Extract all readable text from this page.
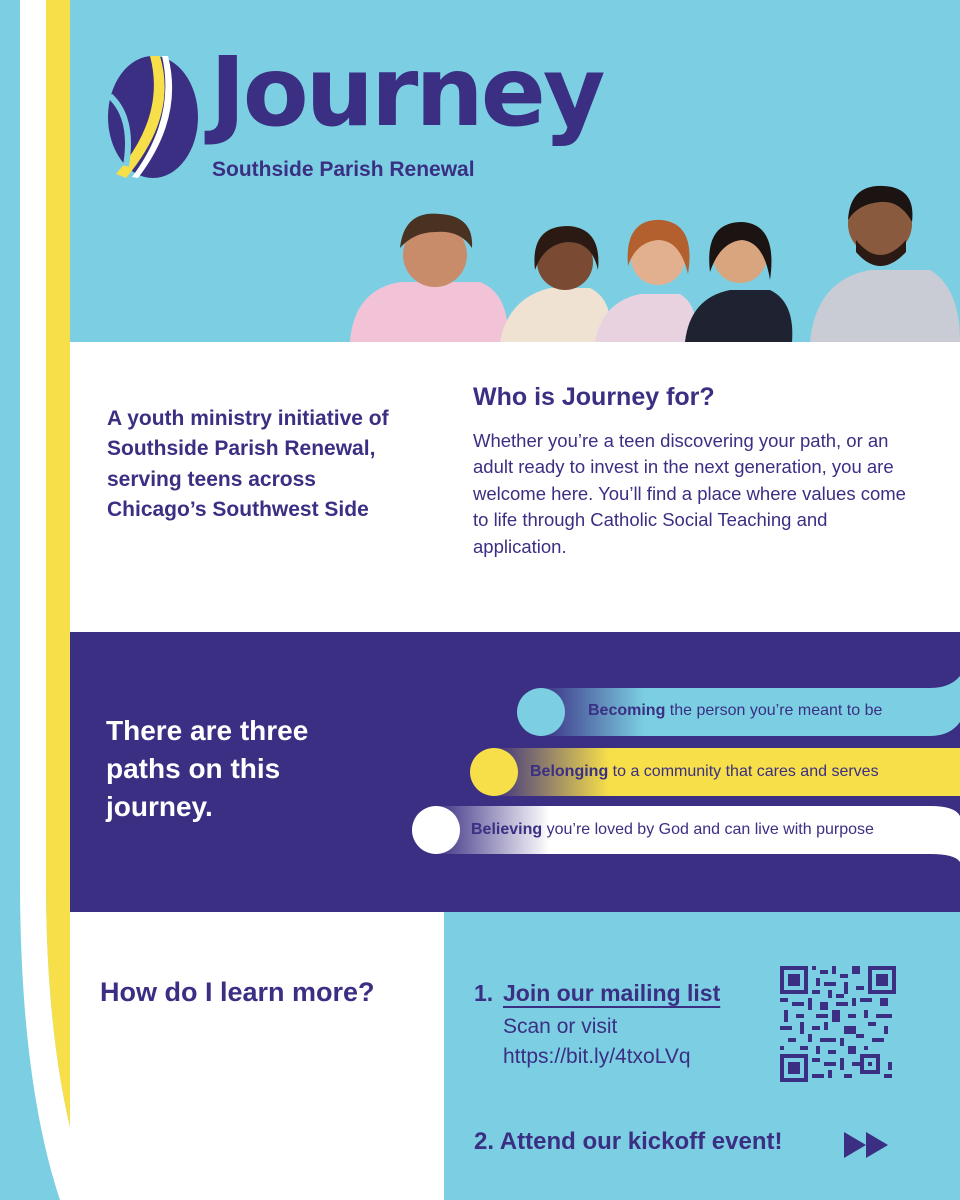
Journey
Southside Parish Renewal
A youth ministry initiative of Southside Parish Renewal, serving teens across Chicago’s Southwest Side
Who is Journey for?
Whether you’re a teen discovering your path, or an adult ready to invest in the next generation, you are welcome here. You’ll find a place where values come to life through Catholic Social Teaching and application.
There are three paths on this journey.
Becoming the person you’re meant to be
Belonging to a community that cares and serves
Believing you’re loved by God and can live with purpose
How do I learn more?	1. Join our mailing list
Scan or visit
https://bit.ly/4txoLVq
2. Attend our kickoff event!
